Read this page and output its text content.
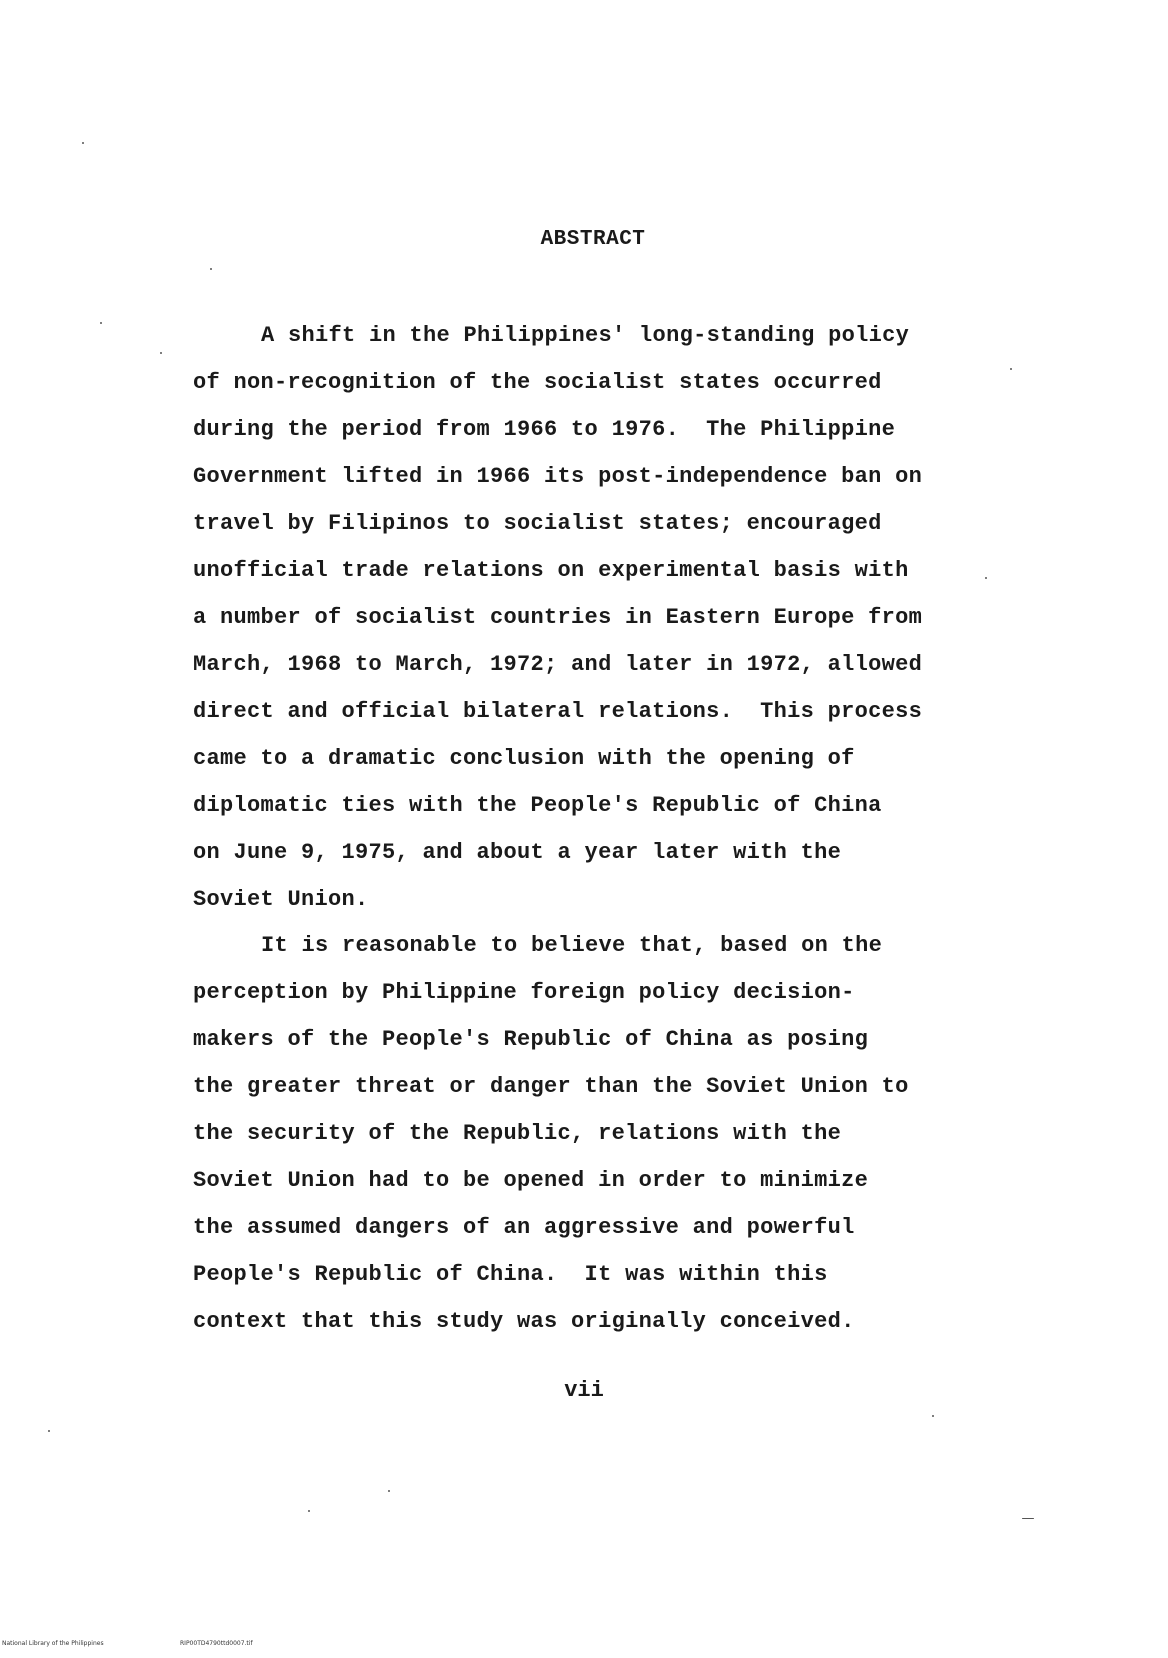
ABSTRACT
A shift in the Philippines' long-standing policy
of non-recognition of the socialist states occurred
during the period from 1966 to 1976.  The Philippine
Government lifted in 1966 its post-independence ban on
travel by Filipinos to socialist states; encouraged
unofficial trade relations on experimental basis with
a number of socialist countries in Eastern Europe from
March, 1968 to March, 1972; and later in 1972, allowed
direct and official bilateral relations.  This process
came to a dramatic conclusion with the opening of
diplomatic ties with the People's Republic of China
on June 9, 1975, and about a year later with the
Soviet Union.
It is reasonable to believe that, based on the
perception by Philippine foreign policy decision-
makers of the People's Republic of China as posing
the greater threat or danger than the Soviet Union to
the security of the Republic, relations with the
Soviet Union had to be opened in order to minimize
the assumed dangers of an aggressive and powerful
People's Republic of China.  It was within this
context that this study was originally conceived.
vii
National Library of the Philippines	RIP00TD4790ttd0007.tif
